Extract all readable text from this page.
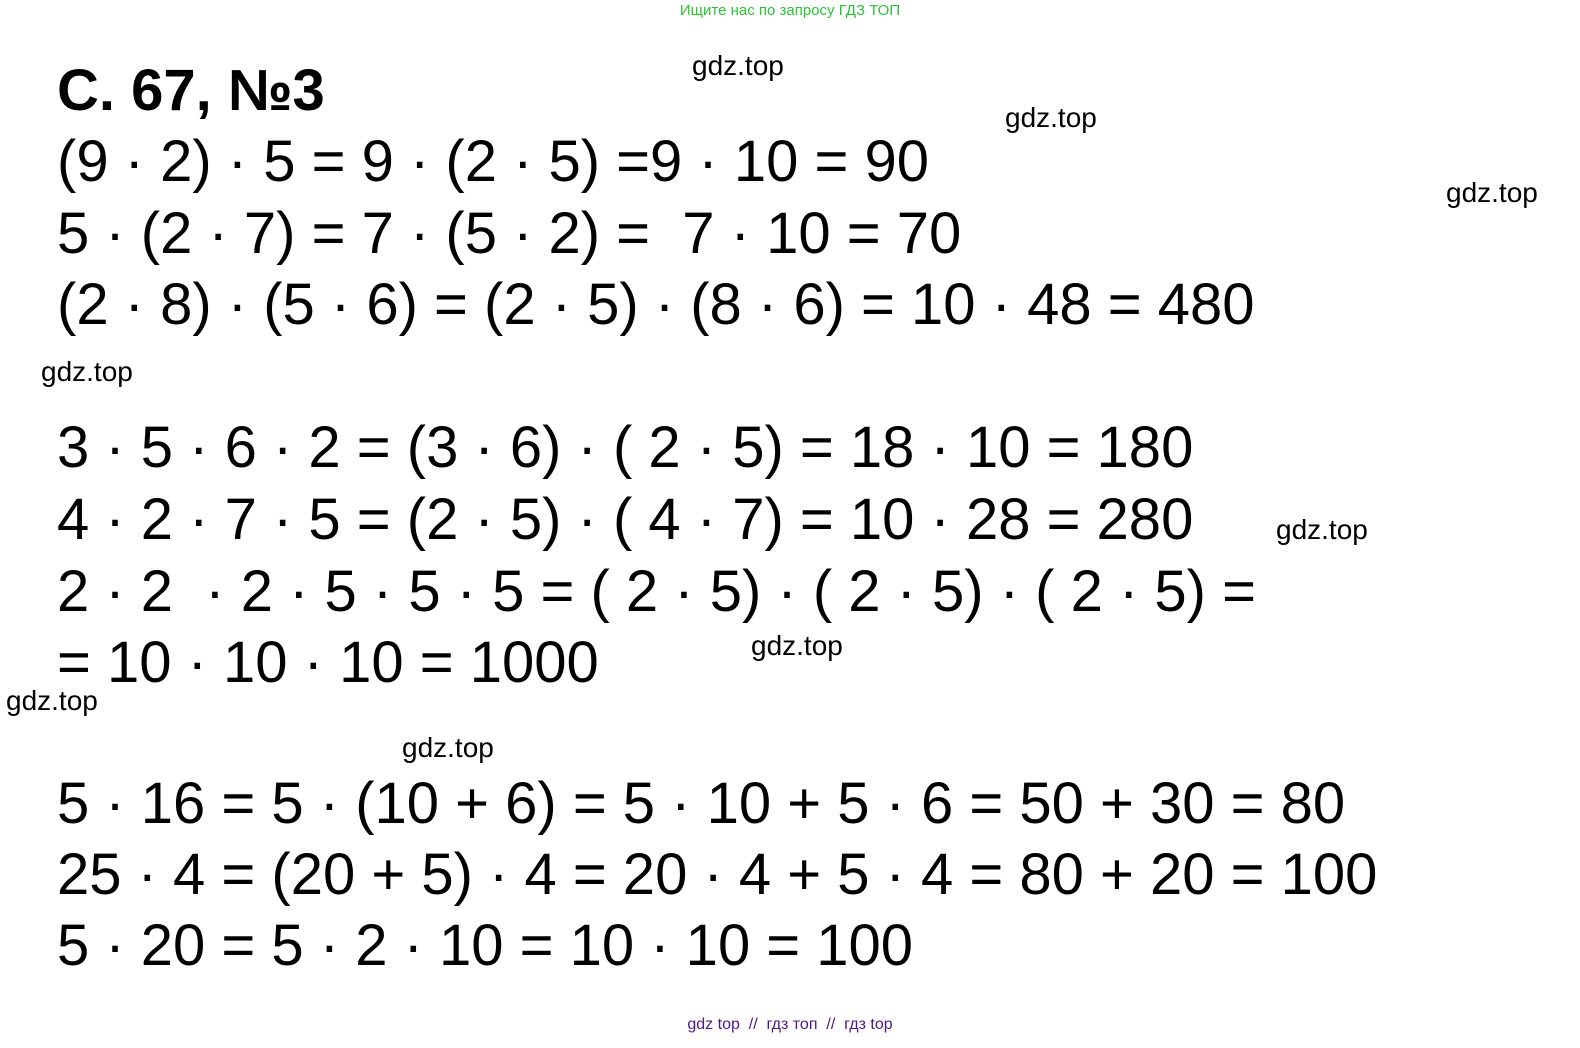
Ищите нас по запросу ГДЗ ТОП
С. 67, №3
(9 · 2) · 5 = 9 · (2 · 5) =9 · 10 = 90
5 · (2 · 7) = 7 · (5 · 2) =  7 · 10 = 70
(2 · 8) · (5 · 6) = (2 · 5) · (8 · 6) = 10 · 48 = 480
3 · 5 · 6 · 2 = (3 · 6) · ( 2 · 5) = 18 · 10 = 180
4 · 2 · 7 · 5 = (2 · 5) · ( 4 · 7) = 10 · 28 = 280
2 · 2  · 2 · 5 · 5 · 5 = ( 2 · 5) · ( 2 · 5) · ( 2 · 5) =
= 10 · 10 · 10 = 1000
5 · 16 = 5 · (10 + 6) = 5 · 10 + 5 · 6 = 50 + 30 = 80
25 · 4 = (20 + 5) · 4 = 20 · 4 + 5 · 4 = 80 + 20 = 100
5 · 20 = 5 · 2 · 10 = 10 · 10 = 100
gdz.top
gdz.top
gdz.top
gdz.top
gdz.top
gdz.top
gdz.top
gdz.top
gdz top  //  гдз топ  //  гдз top
